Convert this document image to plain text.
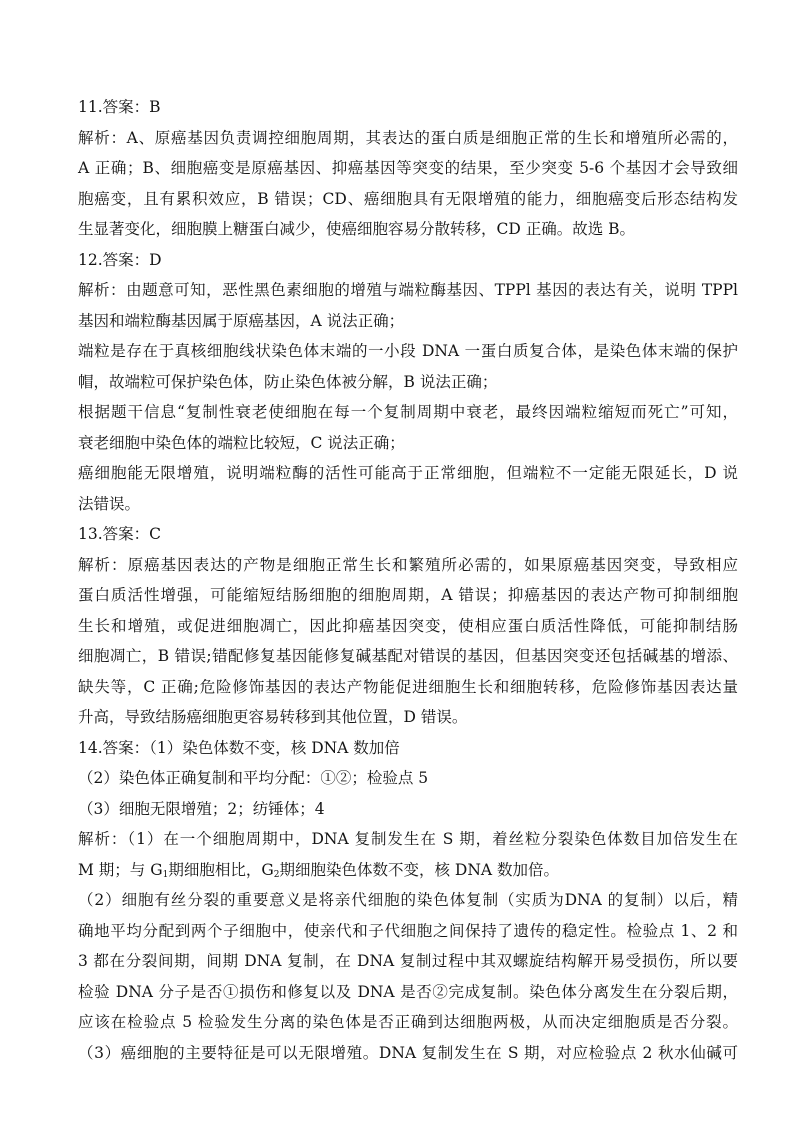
11.答案：B
解析：A、原癌基因负责调控细胞周期，其表达的蛋白质是细胞正常的生长和增殖所必需的，
A 正确；B、细胞癌变是原癌基因、抑癌基因等突变的结果，至少突变 5-6 个基因才会导致细
胞癌变，且有累积效应，B 错误；CD、癌细胞具有无限增殖的能力，细胞癌变后形态结构发
生显著变化，细胞膜上糖蛋白减少，使癌细胞容易分散转移，CD 正确。故选 B。
12.答案：D
解析：由题意可知，恶性黑色素细胞的增殖与端粒酶基因、TPPl 基因的表达有关，说明 TPPl
基因和端粒酶基因属于原癌基因，A 说法正确；
端粒是存在于真核细胞线状染色体末端的一小段 DNA 一蛋白质复合体，是染色体末端的保护
帽，故端粒可保护染色体，防止染色体被分解，B 说法正确；
根据题干信息“复制性衰老使细胞在每一个复制周期中衰老，最终因端粒缩短而死亡”可知，
衰老细胞中染色体的端粒比较短，C 说法正确；
癌细胞能无限增殖，说明端粒酶的活性可能高于正常细胞，但端粒不一定能无限延长，D 说
法错误。
13.答案：C
解析：原癌基因表达的产物是细胞正常生长和繁殖所必需的，如果原癌基因突变，导致相应
蛋白质活性增强，可能缩短结肠细胞的细胞周期，A 错误；抑癌基因的表达产物可抑制细胞
生长和增殖，或促进细胞凋亡，因此抑癌基因突变，使相应蛋白质活性降低，可能抑制结肠
细胞凋亡，B 错误;错配修复基因能修复碱基配对错误的基因，但基因突变还包括碱基的增添、
缺失等，C 正确;危险修饰基因的表达产物能促进细胞生长和细胞转移，危险修饰基因表达量
升高，导致结肠癌细胞更容易转移到其他位置，D 错误。
14.答案：（1）染色体数不变，核 DNA 数加倍
（2）染色体正确复制和平均分配：①②；检验点 5
（3）细胞无限增殖；2；纺锤体；4
解析：（1）在一个细胞周期中，DNA 复制发生在 S 期，着丝粒分裂染色体数目加倍发生在
M 期；与 $G_1$期细胞相比，$G_2$期细胞染色体数不变，核 DNA 数加倍。
（2）细胞有丝分裂的重要意义是将亲代细胞的染色体复制（实质为DNA 的复制）以后，精
确地平均分配到两个子细胞中，使亲代和子代细胞之间保持了遗传的稳定性。检验点 1、2 和
3 都在分裂间期，间期 DNA 复制，在 DNA 复制过程中其双螺旋结构解开易受损伤，所以要
检验 DNA 分子是否①损伤和修复以及 DNA 是否②完成复制。染色体分离发生在分裂后期，
应该在检验点 5 检验发生分离的染色体是否正确到达细胞两极，从而决定细胞质是否分裂。
（3）癌细胞的主要特征是可以无限增殖。DNA 复制发生在 S 期，对应检验点 2 秋水仙碱可
